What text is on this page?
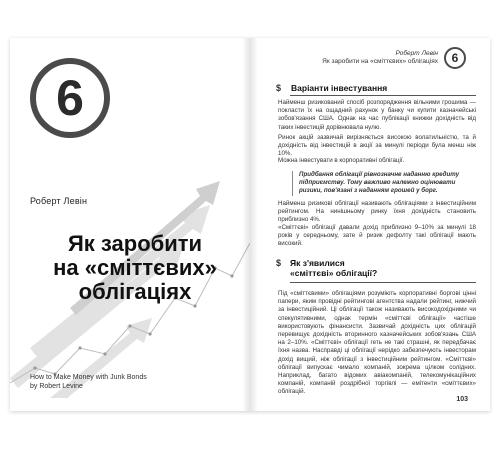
6
Роберт Левін
Як заробити
на «сміттєвих»
облігаціях
How to Make Money with Junk Bonds
by Robert Levine
Роберт Левін
Як заробити на «сміттєвих» облігаціях 6
$ Варіанти інвестування
Найменш ризикований спосіб розпорядження вільними грошима — покласти їх на ощадний рахунок у банку чи купити казначейські зобов'язання США. Однак на час публікації книжки дохідність від таких інвестицій дорівнювала нулю.
Ринок акцій зазвичай вирізняється високою волатильністю, та й дохідність від інвестицій в акції за минулі періоди була менш ніж 10%.
Можна інвестувати в корпоративні облігації.
Придбання облігації рівнозначне наданню кредиту підприємству. Тому важливо належно оцінювати ризики, пов'язані з наданням грошей у борг.
Найменш ризикові облігації називають облігаціями з інвестиційним рейтингом. На нинішньому ринку їхня дохідність становить приблизно 4%.
«Сміттєві» облігації давали дохід приблизно 9–10% за минулі 18 років у середньому, зате й ризик дефолту такі облігації мають високий.
$ Як з'явилися
«сміттєві» облігації?
Під «сміттєвими» облігаціями розуміють корпоративні боргові цінні папери, яким провідні рейтингові агентства надали рейтинг, нижчий за інвестиційний. Ці облігації також називають високодохідними чи спекулятивними, однак термін «сміттєві облігації» частіше використовують фінансисти. Зазвичай дохідність цих облігацій перевищує дохідність вторинного казначейських зобов'язань США на 2–10%. «Сміттєві» облігації геть не такі страшні, як передбачає їхня назва. Насправді ці облігації нерідко забезпечують інвесторам дохід вищий, ніж облігації з інвестиційним рейтингом. «Сміттєві» облігації випускає чимало компаній, зокрема цілком солідних. Наприклад, багато відомих авіакомпаній, телекомунікаційних компаній, компаній роздрібної торгівлі — емітенти «сміттєвих» облігацій.
103
